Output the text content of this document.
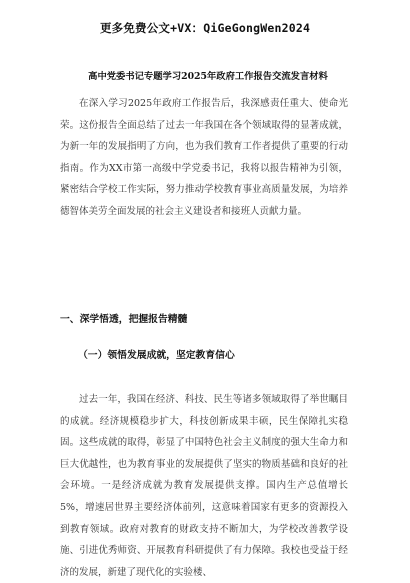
更多免费公文+VX：QiGeGongWen2024
高中党委书记专题学习2025年政府工作报告交流发言材料

在深入学习2025年政府工作报告后，我深感责任重大、使命光荣。这份报告全面总结了过去一年我国在各个领域取得的显著成就，为新一年的发展指明了方向，也为我们教育工作者提供了重要的行动指南。作为XX市第一高级中学党委书记，我将以报告精神为引领，紧密结合学校工作实际，努力推动学校教育事业高质量发展，为培养德智体美劳全面发展的社会主义建设者和接班人贡献力量。

一、深学悟透，把握报告精髓
（一）领悟发展成就，坚定教育信心

过去一年，我国在经济、科技、民生等诸多领域取得了举世瞩目的成就。经济规模稳步扩大，科技创新成果丰硕，民生保障扎实稳固。这些成就的取得，彰显了中国特色社会主义制度的强大生命力和巨大优越性，也为教育事业的发展提供了坚实的物质基础和良好的社会环境。一是经济成就为教育发展提供支撑。国内生产总值增长5%，增速居世界主要经济体前列，这意味着国家有更多的资源投入到教育领域。政府对教育的财政支持不断加大，为学校改善教学设施、引进优秀师资、开展教育科研提供了有力保障。我校也受益于经济的发展，新建了现代化的实验楼、
